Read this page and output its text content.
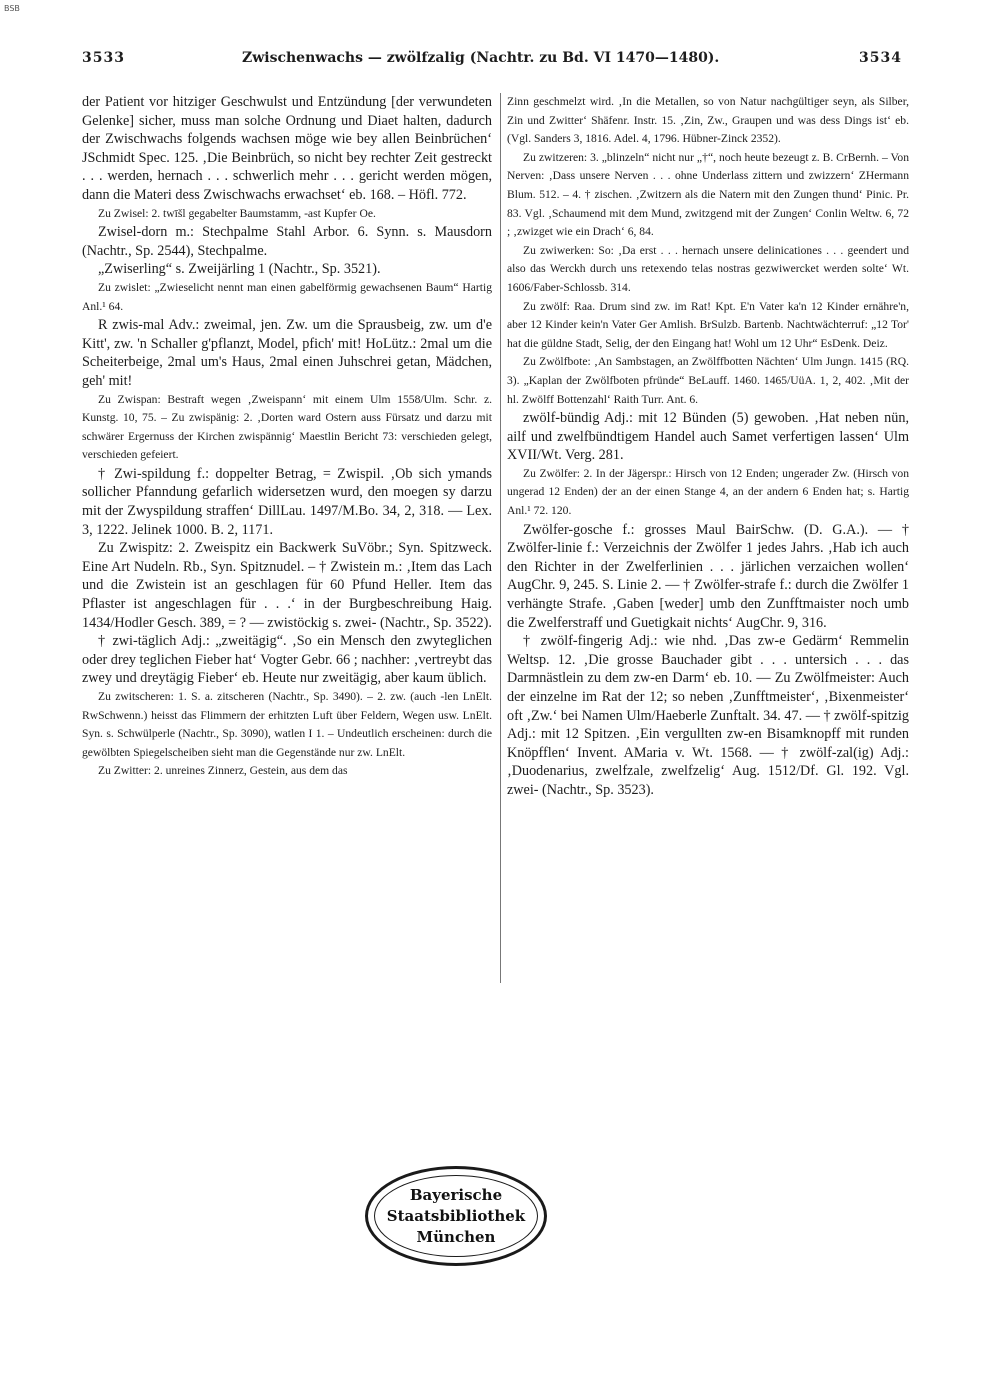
BSB
3533	Zwischenwachs — zwölfzalig (Nachtr. zu Bd. VI 1470—1480).	3534

der Patient vor hitziger Geschwulst und Entzündung [der verwundeten Gelenke] sicher, muss man solche Ordnung und Diaet halten, dadurch der Zwischwachs folgends wachsen möge wie bey allen Beinbrüchen‘ JSchmidt Spec. 125. ‚Die Beinbrüch, so nicht bey rechter Zeit gestreckt . . . werden, hernach . . . schwerlich mehr . . . gericht werden mögen, dann die Materi dess Zwischwachs erwachset‘ eb. 168. – Höfl. 772.

Zu Zwisel: 2. twīšl gegabelter Baumstamm, -ast Kupfer Oe.

Zwisel-dorn m.: Stechpalme Stahl Arbor. 6. Synn. s. Mausdorn (Nachtr., Sp. 2544), Stechpalme.

„Zwiserling“ s. Zweijärling 1 (Nachtr., Sp. 3521).

Zu zwislet: „Zwieselicht nennt man einen gabelförmig gewachsenen Baum“ Hartig Anl.¹ 64.

R zwis-mal Adv.: zweimal, jen. Zw. um die Sprausbeig, zw. um d'e Kitt', zw. 'n Schaller g'pflanzt, Model, pfich' mit! HoLütz.: 2mal um die Scheiterbeige, 2mal um's Haus, 2mal einen Juhschrei getan, Mädchen, geh' mit!

Zu Zwispan: Bestraft wegen ‚Zweispann‘ mit einem Ulm 1558/Ulm. Schr. z. Kunstg. 10, 75. – Zu zwispänig: 2. ‚Dorten ward Ostern auss Fürsatz und darzu mit schwärer Ergernuss der Kirchen zwispännig‘ Maestlin Bericht 73: verschieden gelegt, verschieden gefeiert.

† Zwi-spildung f.: doppelter Betrag, = Zwispil. ‚Ob sich ymands sollicher Pfanndung gefarlich widersetzen wurd, den moegen sy darzu mit der Zwyspildung straffen‘ DillLau. 1497/M.Bo. 34, 2, 318. — Lex. 3, 1222. Jelinek 1000. B. 2, 1171.

Zu Zwispitz: 2. Zweispitz ein Backwerk SuVöbr.; Syn. Spitzweck. Eine Art Nudeln. Rb., Syn. Spitznudel. – † Zwistein m.: ‚Item das Lach und die Zwistein ist an geschlagen für 60 Pfund Heller. Item das Pflaster ist angeschlagen für . . .‘ in der Burgbeschreibung Haig. 1434/Hodler Gesch. 389, = ? — zwistöckig s. zwei- (Nachtr., Sp. 3522).

† zwi-täglich Adj.: „zweitägig“. ‚So ein Mensch den zwyteglichen oder drey teglichen Fieber hat‘ Vogter Gebr. 66 ; nachher: ‚vertreybt das zwey und dreytägig Fieber‘ eb. Heute nur zweitägig, aber kaum üblich.

Zu zwitscheren: 1. S. a. zitscheren (Nachtr., Sp. 3490). – 2. zw. (auch -len LnElt. RwSchwenn.) heisst das Flimmern der erhitzten Luft über Feldern, Wegen usw. LnElt. Syn. s. Schwülperle (Nachtr., Sp. 3090), watlen I 1. – Undeutlich erscheinen: durch die gewölbten Spiegelscheiben sieht man die Gegenstände nur zw. LnElt.

Zu Zwitter: 2. unreines Zinnerz, Gestein, aus dem das

Zinn geschmelzt wird. ‚In die Metallen, so von Natur nachgültiger seyn, als Silber, Zin und Zwitter‘ Shäfenr. Instr. 15. ‚Zin, Zw., Graupen und was dess Dings ist‘ eb. (Vgl. Sanders 3, 1816. Adel. 4, 1796. Hübner-Zinck 2352).

Zu zwitzeren: 3. „blinzeln“ nicht nur „†“, noch heute bezeugt z. B. CrBernh. – Von Nerven: ‚Dass unsere Nerven . . . ohne Underlass zittern und zwizzern‘ ZHermann Blum. 512. – 4. † zischen. ‚Zwitzern als die Natern mit den Zungen thund‘ Pinic. Pr. 83. Vgl. ‚Schaumend mit dem Mund, zwitzgend mit der Zungen‘ Conlin Weltw. 6, 72 ; ‚zwizget wie ein Drach‘ 6, 84.

Zu zwiwerken: So: ‚Da erst . . . hernach unsere delinicationes . . . geendert und also das Werckh durch uns retexendo telas nostras gezwiwercket werden solte‘ Wt. 1606/Faber-Schlossb. 314.

Zu zwölf: Raa. Drum sind zw. im Rat! Kpt. E'n Vater ka'n 12 Kinder ernähre'n, aber 12 Kinder kein'n Vater Ger Amlish. BrSulzb. Bartenb. Nachtwächterruf: „12 Tor' hat die güldne Stadt, Selig, der den Eingang hat! Wohl um 12 Uhr“ EsDenk. Deiz.

Zu Zwölfbote: ‚An Sambstagen, an Zwölffbotten Nächten‘ Ulm Jungn. 1415 (RQ. 3). „Kaplan der Zwölfboten pfründe“ BeLauff. 1460. 1465/UüA. 1, 2, 402. ‚Mit der hl. Zwölff Bottenzahl‘ Raith Turr. Ant. 6.

zwölf-bündig Adj.: mit 12 Bünden (5) gewoben. ‚Hat neben nün, ailf und zwelfbündtigem Handel auch Samet verfertigen lassen‘ Ulm XVII/Wt. Verg. 281.

Zu Zwölfer: 2. In der Jägerspr.: Hirsch von 12 Enden; ungerader Zw. (Hirsch von ungerad 12 Enden) der an der einen Stange 4, an der andern 6 Enden hat; s. Hartig Anl.¹ 72. 120.

Zwölfer-gosche f.: grosses Maul BairSchw. (D. G.A.). — † Zwölfer-linie f.: Verzeichnis der Zwölfer 1 jedes Jahrs. ‚Hab ich auch den Richter in der Zwelferlinien . . . järlichen verzaichen wollen‘ AugChr. 9, 245. S. Linie 2. — † Zwölfer-strafe f.: durch die Zwölfer 1 verhängte Strafe. ‚Gaben [weder] umb den Zunfftmaister noch umb die Zwelferstraff und Guetigkait nichts‘ AugChr. 9, 316.

† zwölf-fingerig Adj.: wie nhd. ‚Das zw-e Gedärm‘ Remmelin Weltsp. 12. ‚Die grosse Bauchader gibt . . . untersich . . . das Darmnästlein zu dem zw-en Darm‘ eb. 10. — Zu Zwölfmeister: Auch der einzelne im Rat der 12; so neben ‚Zunfftmeister‘, ‚Bixenmeister‘ oft ‚Zw.‘ bei Namen Ulm/Haeberle Zunftalt. 34. 47. — † zwölf-spitzig Adj.: mit 12 Spitzen. ‚Ein vergullten zw-en Bisamknopff mit runden Knöpfflen‘ Invent. AMaria v. Wt. 1568. — † zwölf-zal(ig) Adj.: ‚Duodenarius, zwelfzale, zwelfzelig‘ Aug. 1512/Df. Gl. 192. Vgl. zwei- (Nachtr., Sp. 3523).

Bayerische
Staatsbibliothek
München
